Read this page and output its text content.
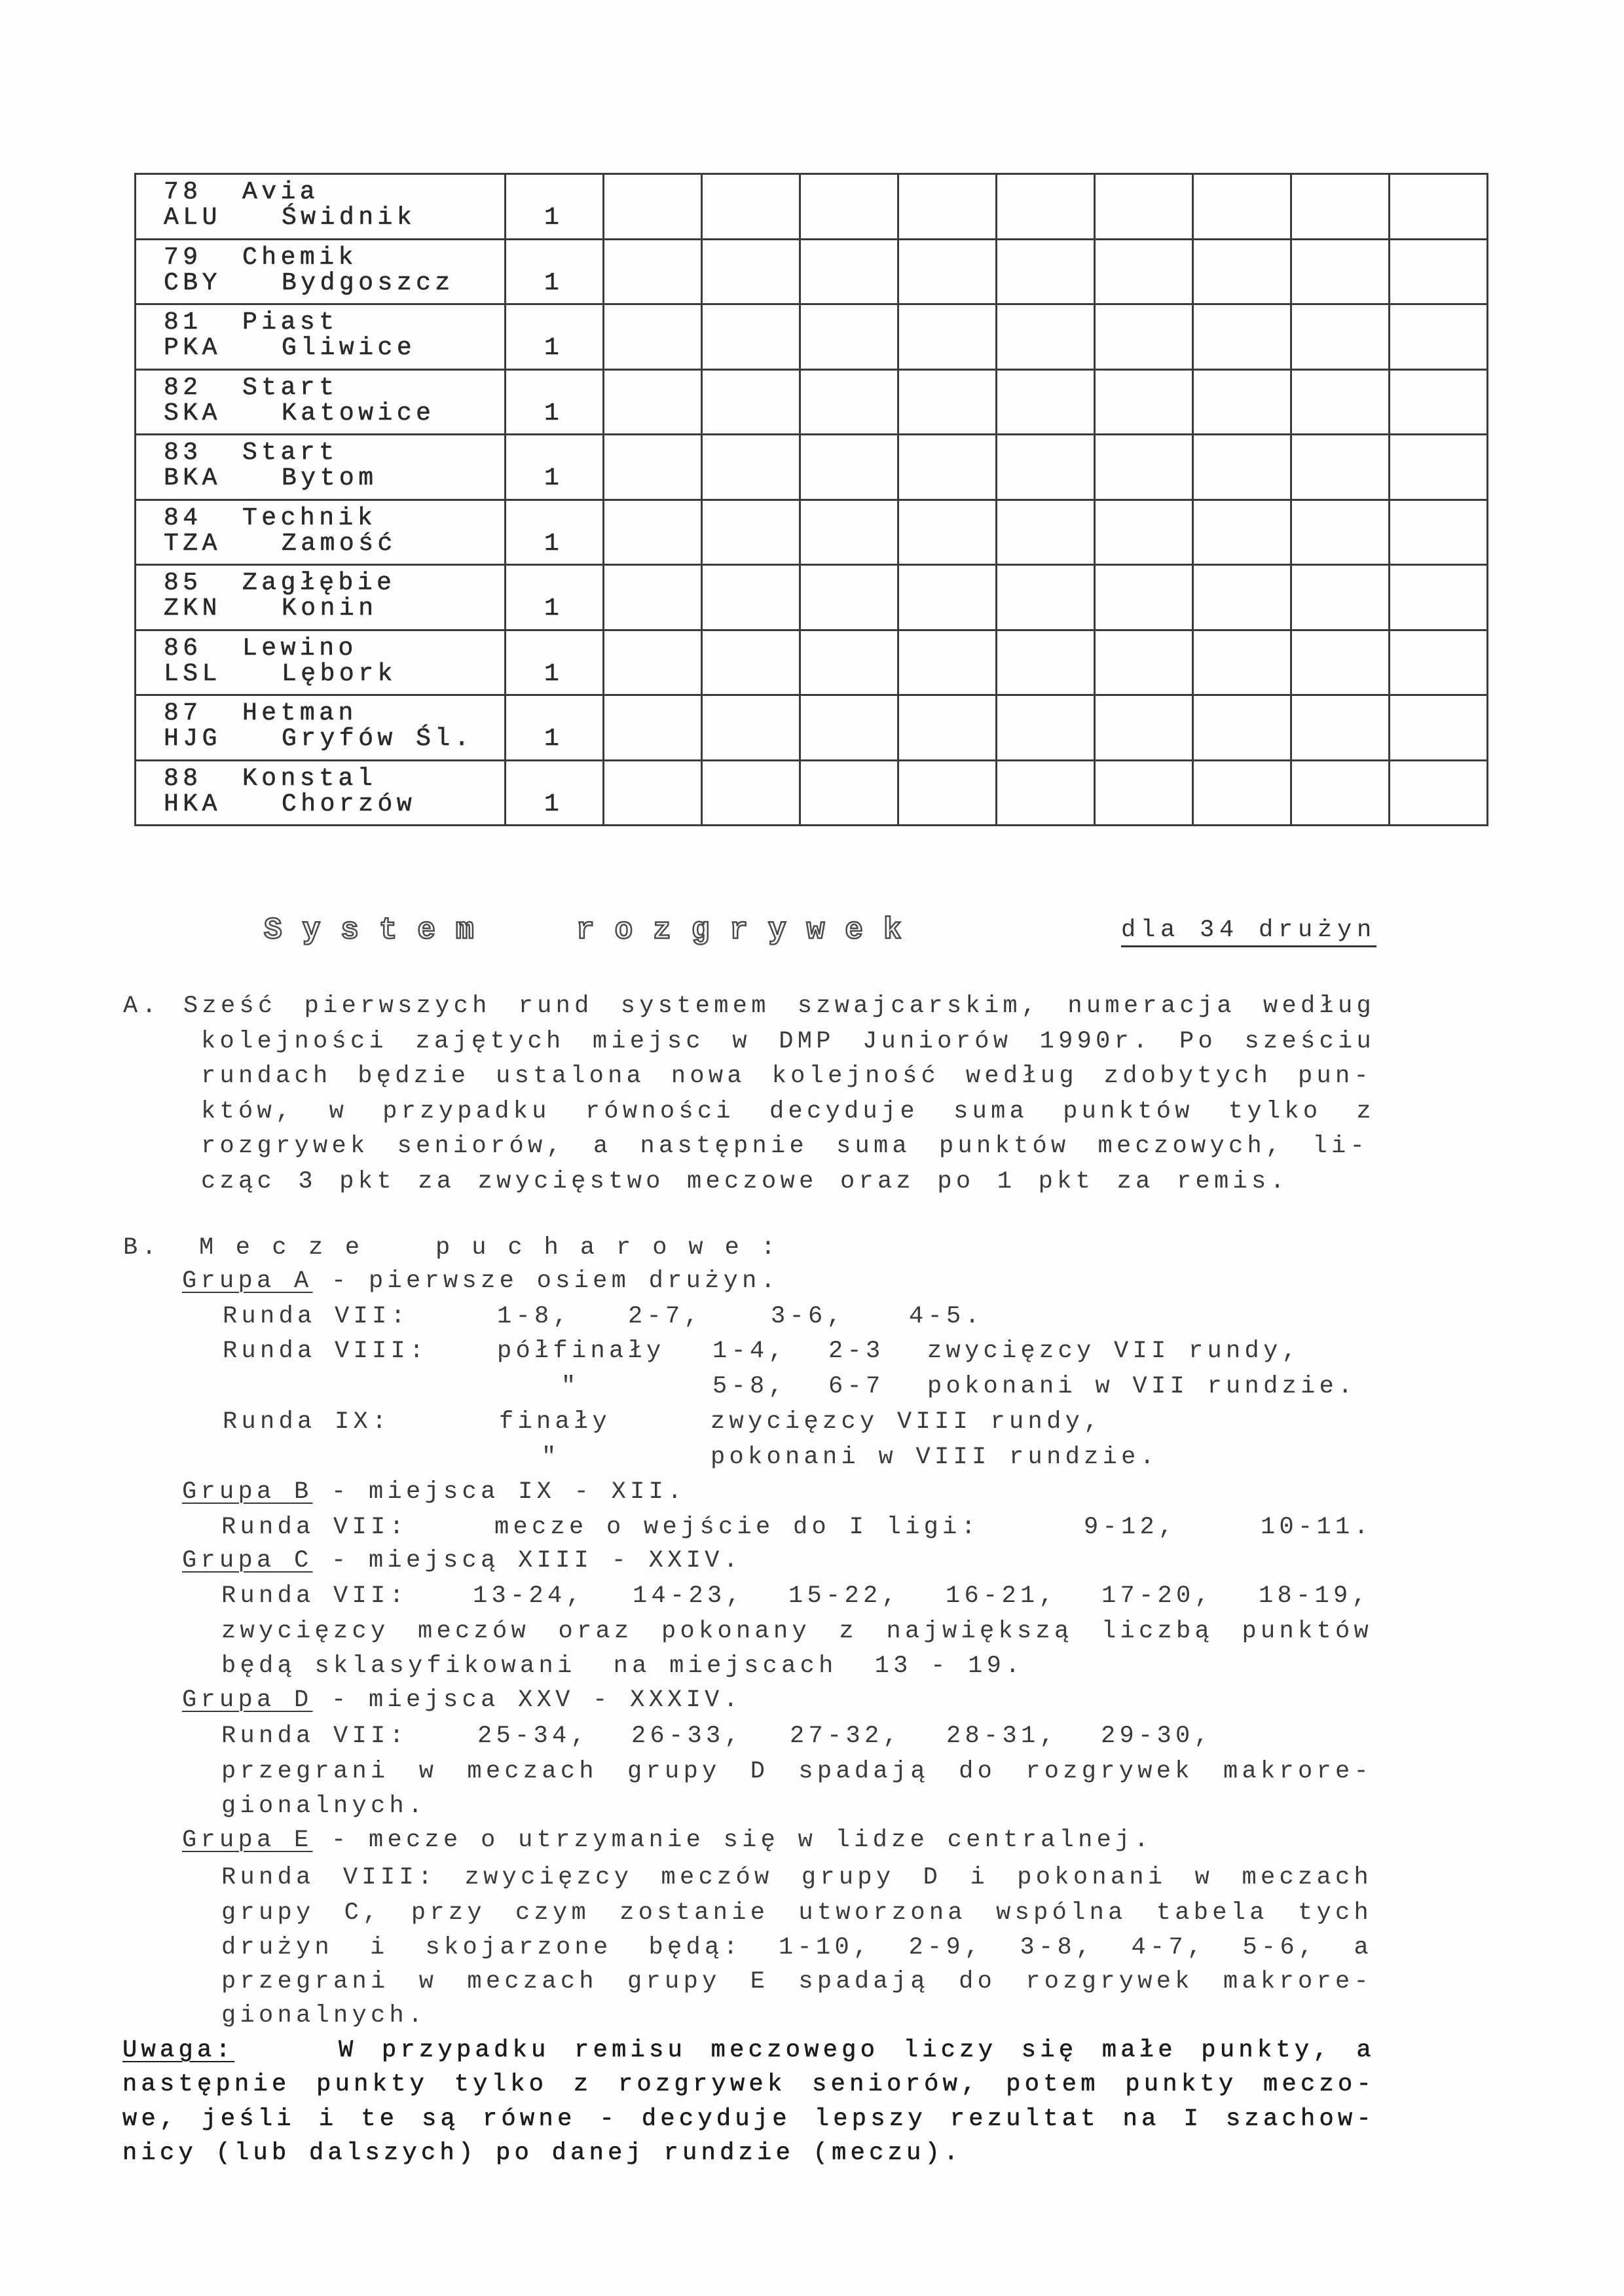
78 Avia
ALU Świdnik	1
79 Chemik
CBY Bydgoszcz	1
81 Piast
PKA Gliwice	1
82 Start
SKA Katowice	1
83 Start
BKA Bytom	1
84 Technik
TZA Zamość	1
85 Zagłębie
ZKN Konin	1
86 Lewino
LSL Lębork	1
87 Hetman
HJG Gryfów Śl.	1
88 Konstal
HKA Chorzów	1
System	rozgrywek	dla 34 drużyn
A. Sześć pierwszych rund systemem szwajcarskim, numeracja według
kolejności zajętych miejsc w DMP Juniorów 1990r. Po sześciu
rundach będzie ustalona nowa kolejność według zdobytych pun-
któw, w przypadku równości decyduje suma punktów tylko z
rozgrywek seniorów, a następnie suma punktów meczowych, li-
cząc 3 pkt za zwycięstwo meczowe oraz po 1 pkt za remis.
B. Mecze pucharowe:
Grupa A - pierwsze osiem drużyn.
Runda VII:	1-8, 2-7,	3-6,	4-5.
Runda VIII:	półfinały 1-4, 2-3 zwycięzcy VII rundy,
"	5-8, 6-7 pokonani w VII rundzie.
Runda IX:	finały	zwycięzcy VIII rundy,
"	pokonani w VIII rundzie.
Grupa B - miejsca IX - XII.
Runda VII:	mecze o wejście do I ligi:	9-12,	10-11.
Grupa C - miejscą XIII - XXIV.
Runda VII:	13-24, 14-23, 15-22, 16-21, 17-20, 18-19,
zwycięzcy meczów oraz pokonany z największą liczbą punktów
będą sklasyfikowani  na miejscach  13 - 19.
Grupa D - miejsca XXV - XXXIV.
Runda VII:	25-34, 26-33, 27-32, 28-31, 29-30,
przegrani w meczach grupy D spadają do rozgrywek makrore-
gionalnych.
Grupa E - mecze o utrzymanie się w lidze centralnej.
Runda VIII: zwycięzcy meczów grupy D i pokonani w meczach
grupy C, przy czym zostanie utworzona wspólna tabela tych
drużyn i skojarzone będą: 1-10, 2-9, 3-8, 4-7, 5-6, a
przegrani w meczach grupy E spadają do rozgrywek makrore-
gionalnych.
Uwaga:	W przypadku remisu meczowego liczy się małe punkty, a
następnie punkty tylko z rozgrywek seniorów, potem punkty meczo-
we, jeśli i te są równe - decyduje lepszy rezultat na I szachow-
nicy (lub dalszych) po danej rundzie (meczu).
